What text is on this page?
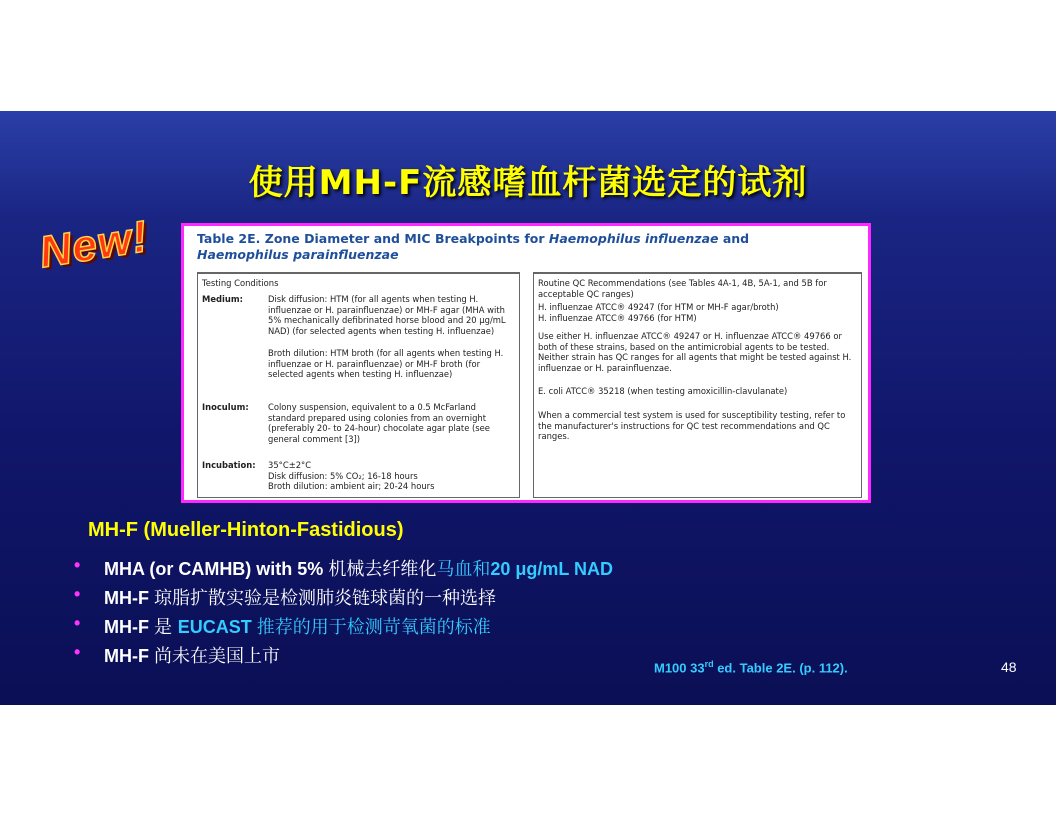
使用MH-F流感嗜血杆菌选定的试剂
New!	Table 2E. Zone Diameter and MIC Breakpoints for Haemophilus influenzae and Haemophilus parainfluenzae
Testing Conditions
Medium:	Disk diffusion: HTM (for all agents when testing H. influenzae or H. parainfluenzae) or MH-F agar (MHA with 5% mechanically defibrinated horse blood and 20 μg/mL NAD) (for selected agents when testing H. influenzae)
Broth dilution: HTM broth (for all agents when testing H. influenzae or H. parainfluenzae) or MH-F broth (for selected agents when testing H. influenzae)
Inoculum:	Colony suspension, equivalent to a 0.5 McFarland standard prepared using colonies from an overnight (preferably 20- to 24-hour) chocolate agar plate (see general comment [3])
Incubation:	35°C±2°C
Disk diffusion: 5% CO₂; 16-18 hours
Broth dilution: ambient air; 20-24 hours
Routine QC Recommendations (see Tables 4A-1, 4B, 5A-1, and 5B for acceptable QC ranges)
H. influenzae ATCC® 49247 (for HTM or MH-F agar/broth)
H. influenzae ATCC® 49766 (for HTM)
Use either H. influenzae ATCC® 49247 or H. influenzae ATCC® 49766 or both of these strains, based on the antimicrobial agents to be tested. Neither strain has QC ranges for all agents that might be tested against H. influenzae or H. parainfluenzae.
E. coli ATCC® 35218 (when testing amoxicillin-clavulanate)
When a commercial test system is used for susceptibility testing, refer to the manufacturer's instructions for QC test recommendations and QC ranges.
MH-F (Mueller-Hinton-Fastidious)
• MHA (or CAMHB) with 5% 机械去纤维化马血和20 μg/mL NAD
• MH-F 琼脂扩散实验是检测肺炎链球菌的一种选择
• MH-F 是 EUCAST 推荐的用于检测苛氧菌的标准
• MH-F 尚未在美国上市
M100 33rd ed. Table 2E. (p. 112).	48
